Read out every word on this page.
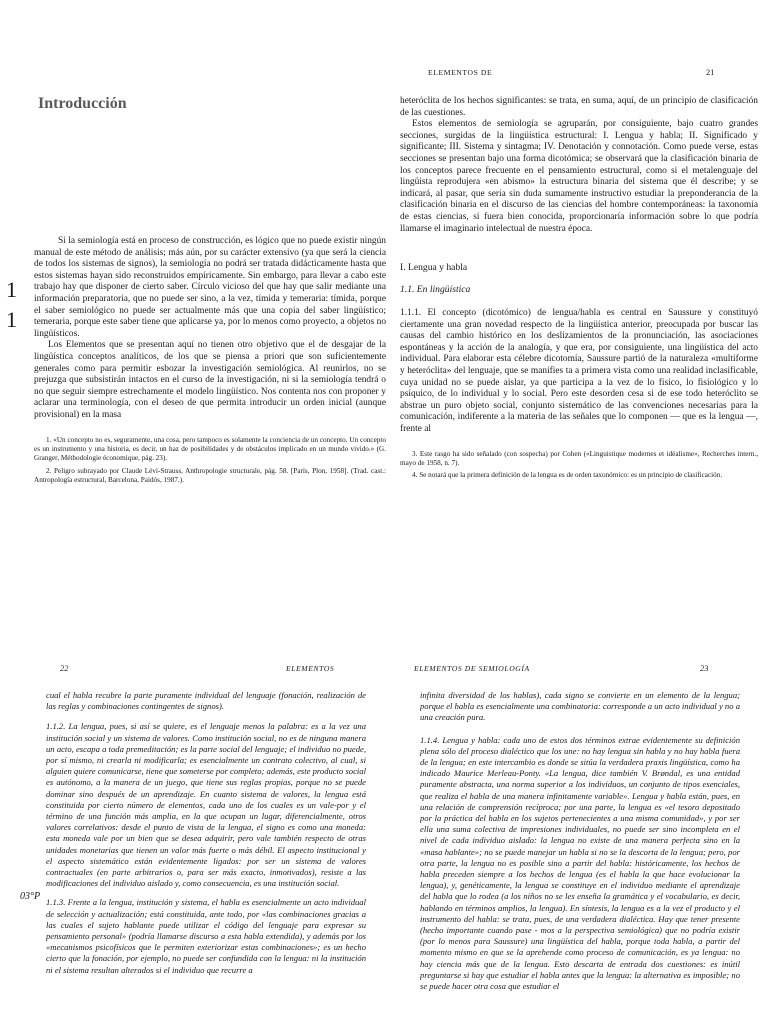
ELEMENTOS DE	21
Introducción
1
1

Si la semiología está en proceso de construcción, es lógico que no puede existir ningún manual de este método de análisis; más aún, por su carácter extensivo (ya que será la ciencia de todos los sistemas de signos), la semiología no podrá ser tratada didácticamente hasta que estos sistemas hayan sido reconstruidos empíricamente. Sin embargo, para llevar a cabo este trabajo hay que disponer de cierto saber. Círculo vicioso del que hay que salir mediante una información preparatoria, que no puede ser sino, a la vez, tímida y temeraria: tímida, porque el saber semiológico no puede ser actualmente más que una copia del saber lingüístico; temeraria, porque este saber tiene que aplicarse ya, por lo menos como proyecto, a objetos no lingüísticos.

Los Elementos que se presentan aquí no tienen otro objetivo que el de desgajar de la lingüística conceptos analíticos, de los que se piensa a priori que son suficientemente generales como para permitir esbozar la investigación semiológica. Al reunirlos, no se prejuzga que subsistirán intactos en el curso de la investigación, ni si la semiología tendrá o no que seguir siempre estrechamente el modelo lingüístico. Nos contenta nos con proponer y aclarar una terminología, con el deseo de que permita introducir un orden inicial (aunque provisional) en la masa

1. «Un concepto no es, seguramente, una cosa, pero tampoco es solamente la conciencia de un concepto. Un concepto es un instrumento y una historia, es decir, un haz de posibilidades y de obstáculos implicado en un mundo vivido.» (G. Granger, Méthodologie économique, pág. 23).

2. Peligro subrayado por Claude Lévi-Strauss, Anthropologie structurale, pág. 58. [París, Plon, 1958]. (Trad. cast.: Antropología estructural, Barcelona, Paidós, 1987.).

heteróclita de los hechos significantes: se trata, en suma, aquí, de un principio de clasificación de las cuestiones.

Estos elementos de semiología se agruparán, por consiguiente, bajo cuatro grandes secciones, surgidas de la lingüística estructural: I. Lengua y habla; II. Significado y significante; III. Sistema y sintagma; IV. Denotación y connotación. Como puede verse, estas secciones se presentan bajo una forma dicotómica; se observará que la clasificación binaria de los conceptos parece frecuente en el pensamiento estructural, como si el metalenguaje del lingüista reprodujera «en abismo» la estructura binaria del sistema que él describe; y se indicará, al pasar, que sería sin duda sumamente instructivo estudiar la preponderancia de la clasificación binaria en el discurso de las ciencias del hombre contemporáneas: la taxonomía de estas ciencias, si fuera bien conocida, proporcionaría información sobre lo que podría llamarse el imaginario intelectual de nuestra época.

I. Lengua y habla
1.1. En lingüística

1.1.1. El concepto (dicotómico) de lengua/habla es central en Saussure y constituyó ciertamente una gran novedad respecto de la lingüística anterior, preocupada por buscar las causas del cambio histórico en los deslizamientos de la pronunciación, las asociaciones espontáneas y la acción de la analogía, y que era, por consiguiente, una lingüística del acto individual. Para elaborar esta célebre dicotomía, Saussure partió de la naturaleza «multiforme y heteróclita» del lenguaje, que se manifies ta a primera vista como una realidad inclasificable, cuya unidad no se puede aislar, ya que participa a la vez de lo físico, lo fisiológico y lo psíquico, de lo individual y lo social. Pero este desorden cesa si de ese todo heteróclito se abstrae un puro objeto social, conjunto sistemático de las convenciones necesarias para la comunicación, indiferente a la materia de las señales que lo componen — que es la lengua —, frente al

3. Este rasgo ha sido señalado (con sospecha) por Cohen («Linguistique modernes et idéalisme», Recherches intern., mayo de 1958, n. 7).

4. Se notará que la primera definición de la lengua es de orden taxonómico: es un principio de clasificación.

22	ELEMENTOS	ELEMENTOS DE SEMIOLOGÍA	23
03°P

cual el habla recubre la parte puramente individual del lenguaje (fonación, realización de las reglas y combinaciones contingentes de signos).

1.1.2. La lengua, pues, si así se quiere, es el lenguaje menos la palabra: es a la vez una institución social y un sistema de valores. Como institución social, no es de ninguna manera un acto, escapa a toda premeditación; es la parte social del lenguaje; el individuo no puede, por sí mismo, ni crearla ni modificarla; es esencialmente un contrato colectivo, al cual, si alguien quiere comunicarse, tiene que someterse por completo; además, este producto social es autónomo, a la manera de un juego, que tiene sus reglas propias, porque no se puede dominar sino después de un aprendizaje. En cuanto sistema de valores, la lengua está constituida por cierto número de elementos, cada uno de los cuales es un vale-por y el término de una función más amplia, en la que ocupan un lugar, diferencialmente, otros valores correlativos: desde el punto de vista de la lengua, el signo es como una moneda: esta moneda vale por un bien que se desea adquirir, pero vale también respecto de otras unidades monetarias que tienen un valor más fuerte o más débil. El aspecto institucional y el aspecto sistemático están evidentemente ligados: por ser un sistema de valores contractuales (en parte arbitrarios o, para ser más exacto, inmotivados), resiste a las modificaciones del individuo aislado y, como consecuencia, es una institución social.

1.1.3. Frente a la lengua, institución y sistema, el habla es esencialmente un acto individual de selección y actualización; está constituida, ante todo, por «las combinaciones gracias a las cuales el sujeto hablante puede utilizar el código del lenguaje para expresar su pensamiento personal» (podría llamarse discurso a esta habla extendida), y además por los «mecanismos psicofísicos que le permiten exteriorizar estas combinaciones»; es un hecho cierto que la fonación, por ejemplo, no puede ser confundida con la lengua: ni la institución ni el sistema resultan alterados si el individuo que recurre a

infinita diversidad de los hablas), cada signo se convierte en un elemento de la lengua; porque el habla es esencialmente una combinatoria: corresponde a un acto individual y no a una creación pura.

1.1.4. Lengua y habla: cada uno de estos dos términos extrae evidentemente su definición plena sólo del proceso dialéctico que los une: no hay lengua sin habla y no hay habla fuera de la lengua; en este intercambio es donde se sitúa la verdadera praxis lingüística, como ha indicado Maurice Merleau-Ponty. «La lengua, dice también V. Brøndal, es una entidad puramente abstracta, una norma superior a los individuos, un conjunto de tipos esenciales, que realiza el habla de una manera infinitamente variable». Lengua y habla están, pues, en una relación de comprensión recíproca; por una parte, la lengua es «el tesoro depositado por la práctica del habla en los sujetos pertenecientes a una misma comunidad», y por ser ella una suma colectiva de impresiones individuales, no puede ser sino incompleta en el nivel de cada individuo aislado: la lengua no existe de una manera perfecta sino en la «masa hablante»; no se puede manejar un habla si no se la descorta de la lengua; pero, por otra parte, la lengua no es posible sino a partir del habla: históricamente, los hechos de habla preceden siempre a los hechos de lengua (es el habla la que hace evolucionar la lengua), y, genéticamente, la lengua se constituye en el individuo mediante el aprendizaje del habla que lo rodea (a los niños no se les enseña la gramática y el vocabulario, es decir, hablando en términos amplios, la lengua). En síntesis, la lengua es a la vez el producto y el instrumento del habla: se trata, pues, de una verdadera dialéctica. Hay que tener presente (hecho importante cuando pase - mos a la perspectiva semiológica) que no podría existir (por lo menos para Saussure) una lingüística del habla, porque toda habla, a partir del momento mismo en que se la aprehende como proceso de comunicación, es ya lengua: no hay ciencia más que de la lengua. Esto descarta de entrada dos cuestiones: es inútil preguntarse si hay que estudiar el habla antes que la lengua: la alternativa es imposible; no se puede hacer otra cosa que estudiar el
